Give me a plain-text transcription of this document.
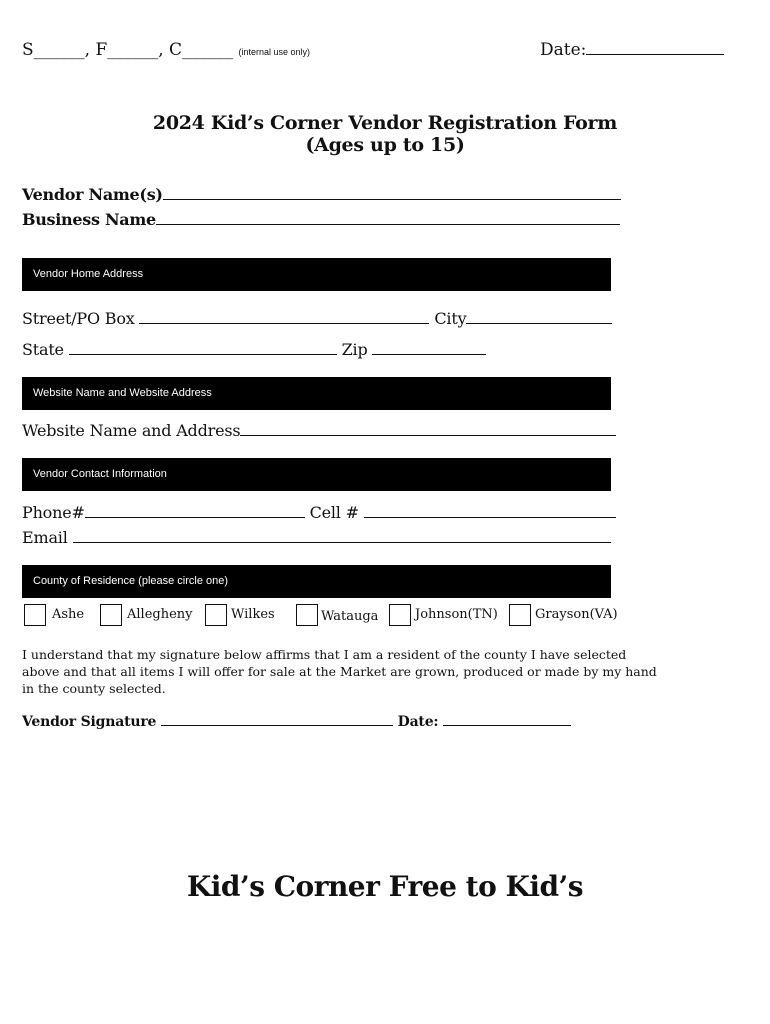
S______, F______, C______ (internal use only)	Date:
2024 Kid’s Corner Vendor Registration Form
(Ages up to 15)
Vendor Name(s)
Business Name
Vendor Home Address
Street/PO Box	City
State	Zip
Website Name and Website Address
Website Name and Address
Vendor Contact Information
Phone#	Cell #
Email
County of Residence (please circle one)
Ashe	Allegheny	Wilkes	Watauga	Johnson(TN)	Grayson(VA)
I understand that my signature below affirms that I am a resident of the county I have selected above and that all items I will offer for sale at the Market are grown, produced or made by my hand in the county selected.
Vendor Signature	Date:
Kid’s Corner Free to Kid’s
